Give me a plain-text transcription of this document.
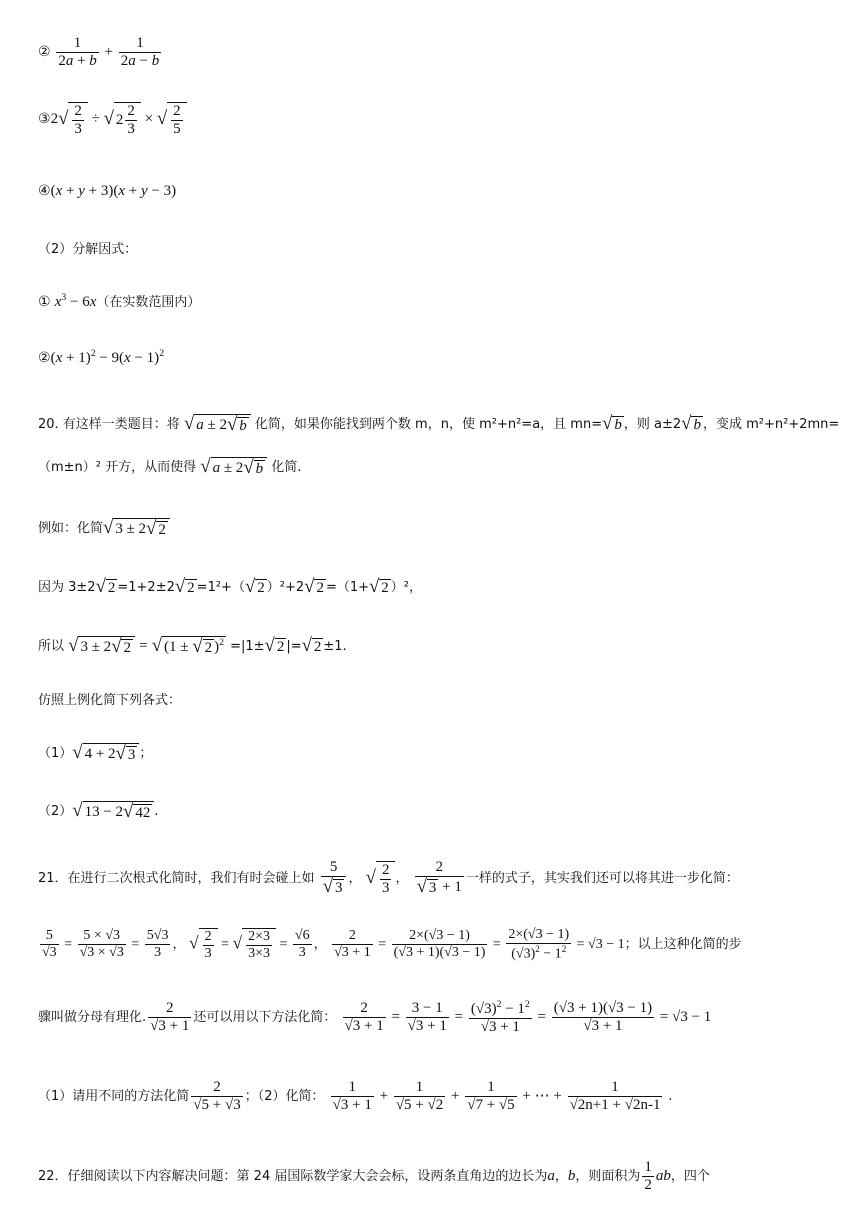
② $\frac{1}{2a + b} + \frac{1}{2a - b}$
③2√ $\frac{2}{3}$ ÷ √ $2 \frac{2}{3}$ × √ $\frac{2}{5}$
④(x + y + 3)(x + y − 3)
（2）分解因式：
① $x^3 - 6x$（在实数范围内）
②(x + $1)^2 - 9(x - 1)^2$
20. 有这样一类题目：将 √ a ± 2√ b 化简，如果你能找到两个数 m，n，使 m²+n²=a，且 mn=√ b ，则 a±2√ b ，变成 m²+n²+2mn=
（m±n）² 开方，从而使得 √ a ± 2√ b 化简.
例如：化简√ 3 ± 2√ 2
因为 3±2√ 2 =1+2±2√ 2 =1²+（√ 2 ）²+2√ 2 =（1+√ 2 ）²，
所以 √ 3 ± 2√ 2 = √ (1 ± √ 2 )$^2$ =|1±√ 2 |=√ 2 ±1.
仿照上例化简下列各式：
（1）√ 4 + 2√ 3 ；
（2）√ 13 − 2√ 42 .
21．在进行二次根式化简时，我们有时会碰上如 $\frac{5}{√ 3}$ ， √ $\frac{2}{3}$ ， $\frac{2}{√ 3 + 1}$ 一样的式子，其实我们还可以将其进一步化简：
$\frac{5}{√3} = \frac{5 \times √3}{√3 \times √3} = \frac{5√3}{3}$ ， √ $\frac{2}{3}$ = √ $\frac{2\times 3}{3\times 3} = \frac{√6}{3}$ ， $\frac{2}{√3 + 1} = \frac{2\times(√3 - 1)}{(√3 + 1)(√3 - 1)} = \frac{2\times(√3 - 1)}{(√3)^2 - 1^2} = √3 - 1$；以上这种化简的步
骤叫做分母有理化. $\frac{2}{√3 + 1}$ 还可以用以下方法化简： $\frac{2}{√3 + 1} = \frac{3 - 1}{√3 + 1} = \frac{(√3)^2 - 1^2}{√3 + 1} = \frac{(√3 + 1)(√3 - 1)}{√3 + 1} = √3 - 1$
（1）请用不同的方法化简 $\frac{2}{√5 + √3}$ ；（2）化简： $\frac{1}{√3 + 1} + \frac{1}{√5 + √2} + \frac{1}{√7 + √5}$ + ⋯ + $\frac{1}{√2n+1 + √2n-1}$ .
22．仔细阅读以下内容解决问题：第 24 届国际数学家大会会标，设两条直角边的边长为a，b，则面积为 $\frac{1}{2}$ ab，四个
